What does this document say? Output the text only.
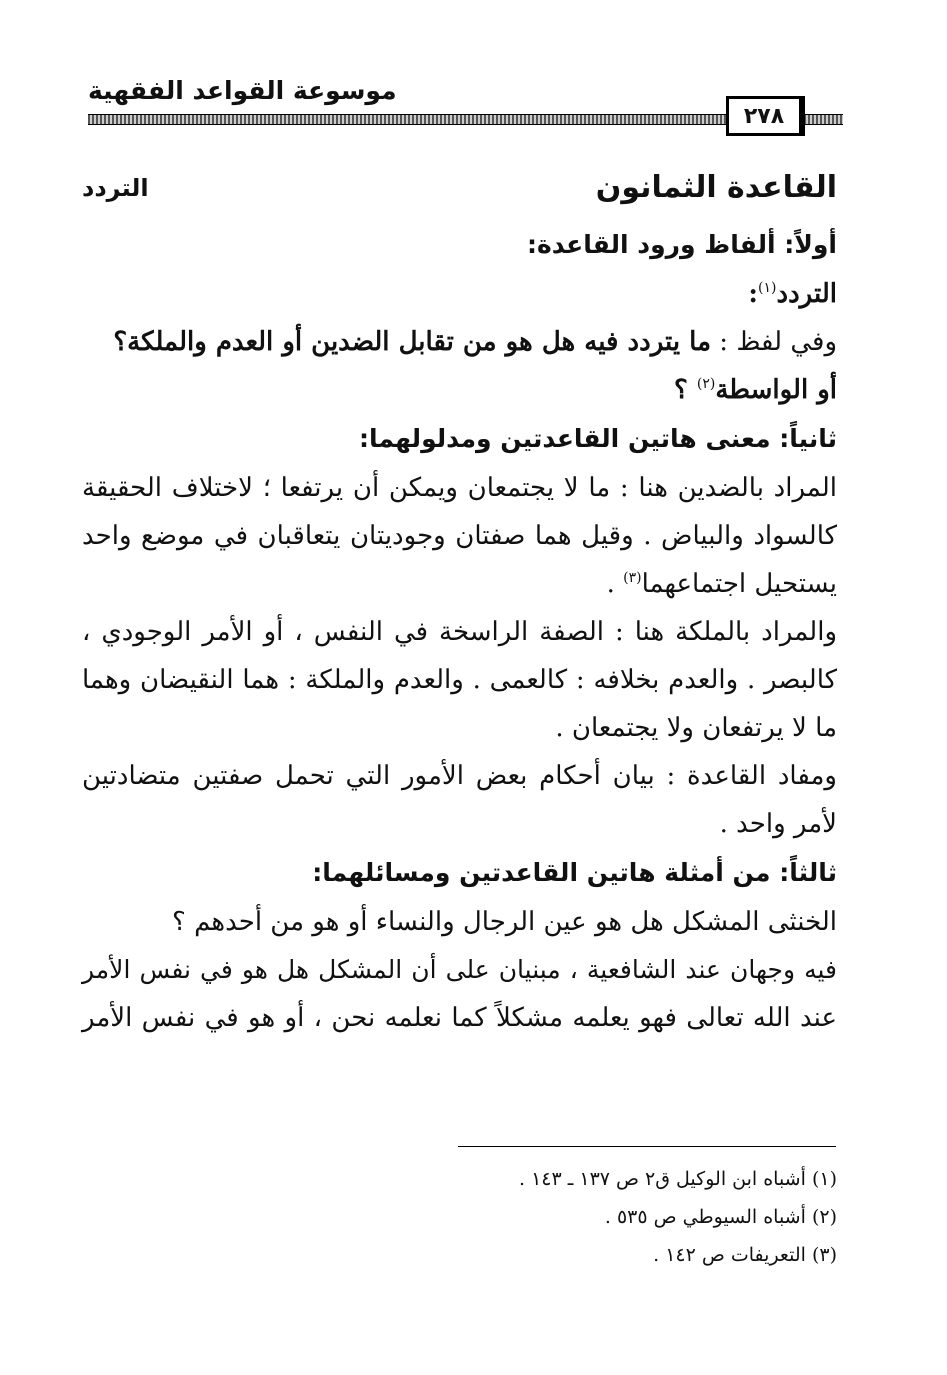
موسوعة القواعد الفقهية

٢٧٨

القاعدة الثمانون

التردد

أولاً: ألفاظ ورود القاعدة:

التردد$^{(١)}$:

وفي لفظ : ما يتردد فيه هل هو من تقابل الضدين أو العدم والملكة؟

أو الواسطة$^{(٢)}$ ؟

ثانياً: معنى هاتين القاعدتين ومدلولهما:

المراد بالضدين هنا : ما لا يجتمعان ويمكن أن يرتفعا ؛ لاختلاف الحقيقة

كالسواد والبياض . وقيل هما صفتان وجوديتان يتعاقبان في موضع واحد

يستحيل اجتماعهما$^{(٣)}$ .

والمراد بالملكة هنا : الصفة الراسخة في النفس ، أو الأمر الوجودي ،

كالبصر . والعدم بخلافه : كالعمى . والعدم والملكة : هما النقيضان وهما

ما لا يرتفعان ولا يجتمعان .

ومفاد القاعدة : بيان أحكام بعض الأمور التي تحمل صفتين متضادتين

لأمر واحد .

ثالثاً: من أمثلة هاتين القاعدتين ومسائلهما:

الخنثى المشكل هل هو عين الرجال والنساء أو هو من أحدهم ؟

فيه وجهان عند الشافعية ، مبنيان على أن المشكل هل هو في نفس الأمر

عند الله تعالى فهو يعلمه مشكلاً كما نعلمه نحن ، أو هو في نفس الأمر

(١) أشباه ابن الوكيل ق٢ ص ١٣٧ ـ ١٤٣ .

(٢) أشباه السيوطي ص ٥٣٥ .

(٣) التعريفات ص ١٤٢ .
